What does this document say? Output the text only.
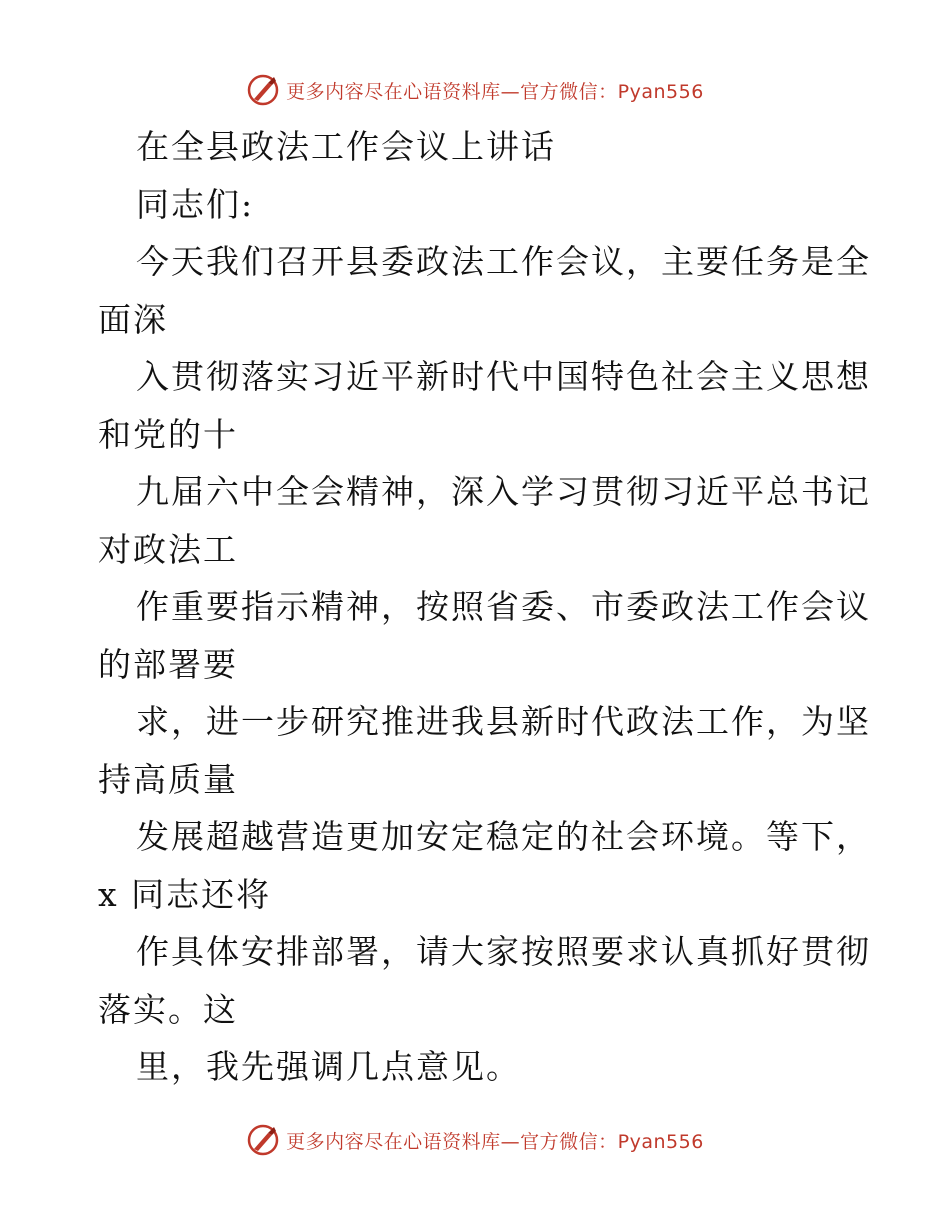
更多内容尽在心语资料库—官方微信：Pyan556
在全县政法工作会议上讲话
同志们:
今天我们召开县委政法工作会议，主要任务是全
面深
入贯彻落实习近平新时代中国特色社会主义思想
和党的十
九届六中全会精神，深入学习贯彻习近平总书记
对政法工
作重要指示精神，按照省委、市委政法工作会议
的部署要
求，进一步研究推进我县新时代政法工作，为坚
持高质量
发展超越营造更加安定稳定的社会环境。等下，
x 同志还将
作具体安排部署，请大家按照要求认真抓好贯彻
落实。这
里，我先强调几点意见。
更多内容尽在心语资料库—官方微信：Pyan556
